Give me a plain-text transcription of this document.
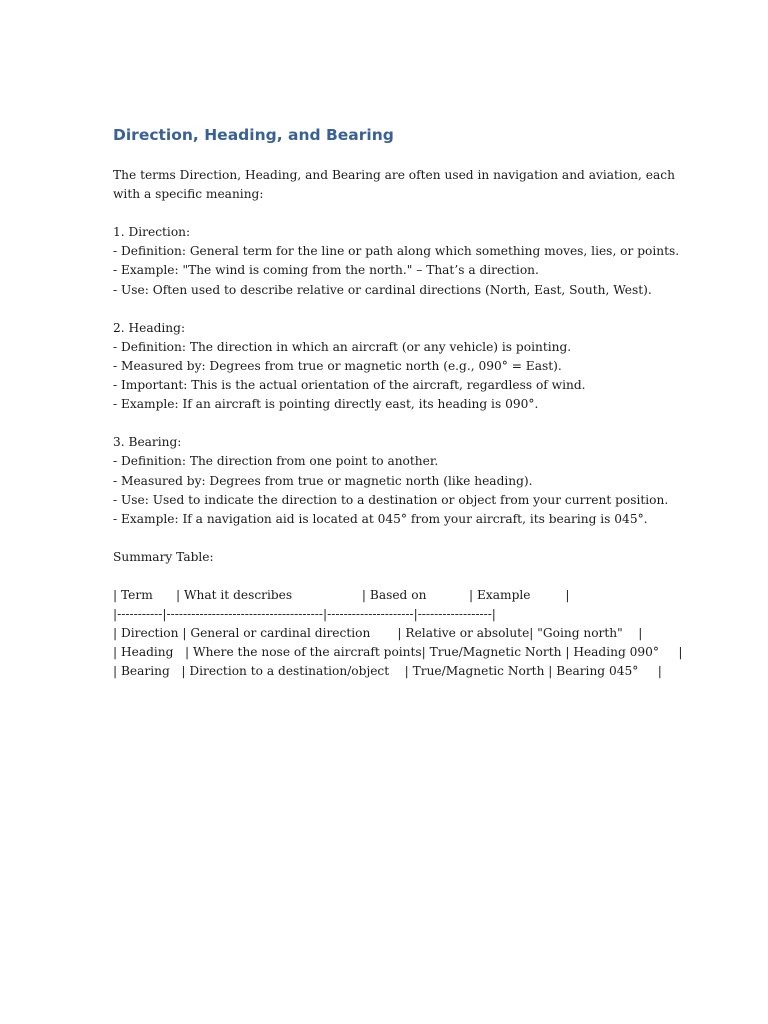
Direction, Heading, and Bearing
The terms Direction, Heading, and Bearing are often used in navigation and aviation, each
with a specific meaning:
1. Direction:
- Definition: General term for the line or path along which something moves, lies, or points.
- Example: "The wind is coming from the north." – That’s a direction.
- Use: Often used to describe relative or cardinal directions (North, East, South, West).
2. Heading:
- Definition: The direction in which an aircraft (or any vehicle) is pointing.
- Measured by: Degrees from true or magnetic north (e.g., 090° = East).
- Important: This is the actual orientation of the aircraft, regardless of wind.
- Example: If an aircraft is pointing directly east, its heading is 090°.
3. Bearing:
- Definition: The direction from one point to another.
- Measured by: Degrees from true or magnetic north (like heading).
- Use: Used to indicate the direction to a destination or object from your current position.
- Example: If a navigation aid is located at 045° from your aircraft, its bearing is 045°.
Summary Table:
| Term      | What it describes                  | Based on           | Example         |
|-----------|--------------------------------------|---------------------|------------------|
| Direction | General or cardinal direction       | Relative or absolute| "Going north"    |
| Heading   | Where the nose of the aircraft points| True/Magnetic North | Heading 090°     |
| Bearing   | Direction to a destination/object    | True/Magnetic North | Bearing 045°     |
